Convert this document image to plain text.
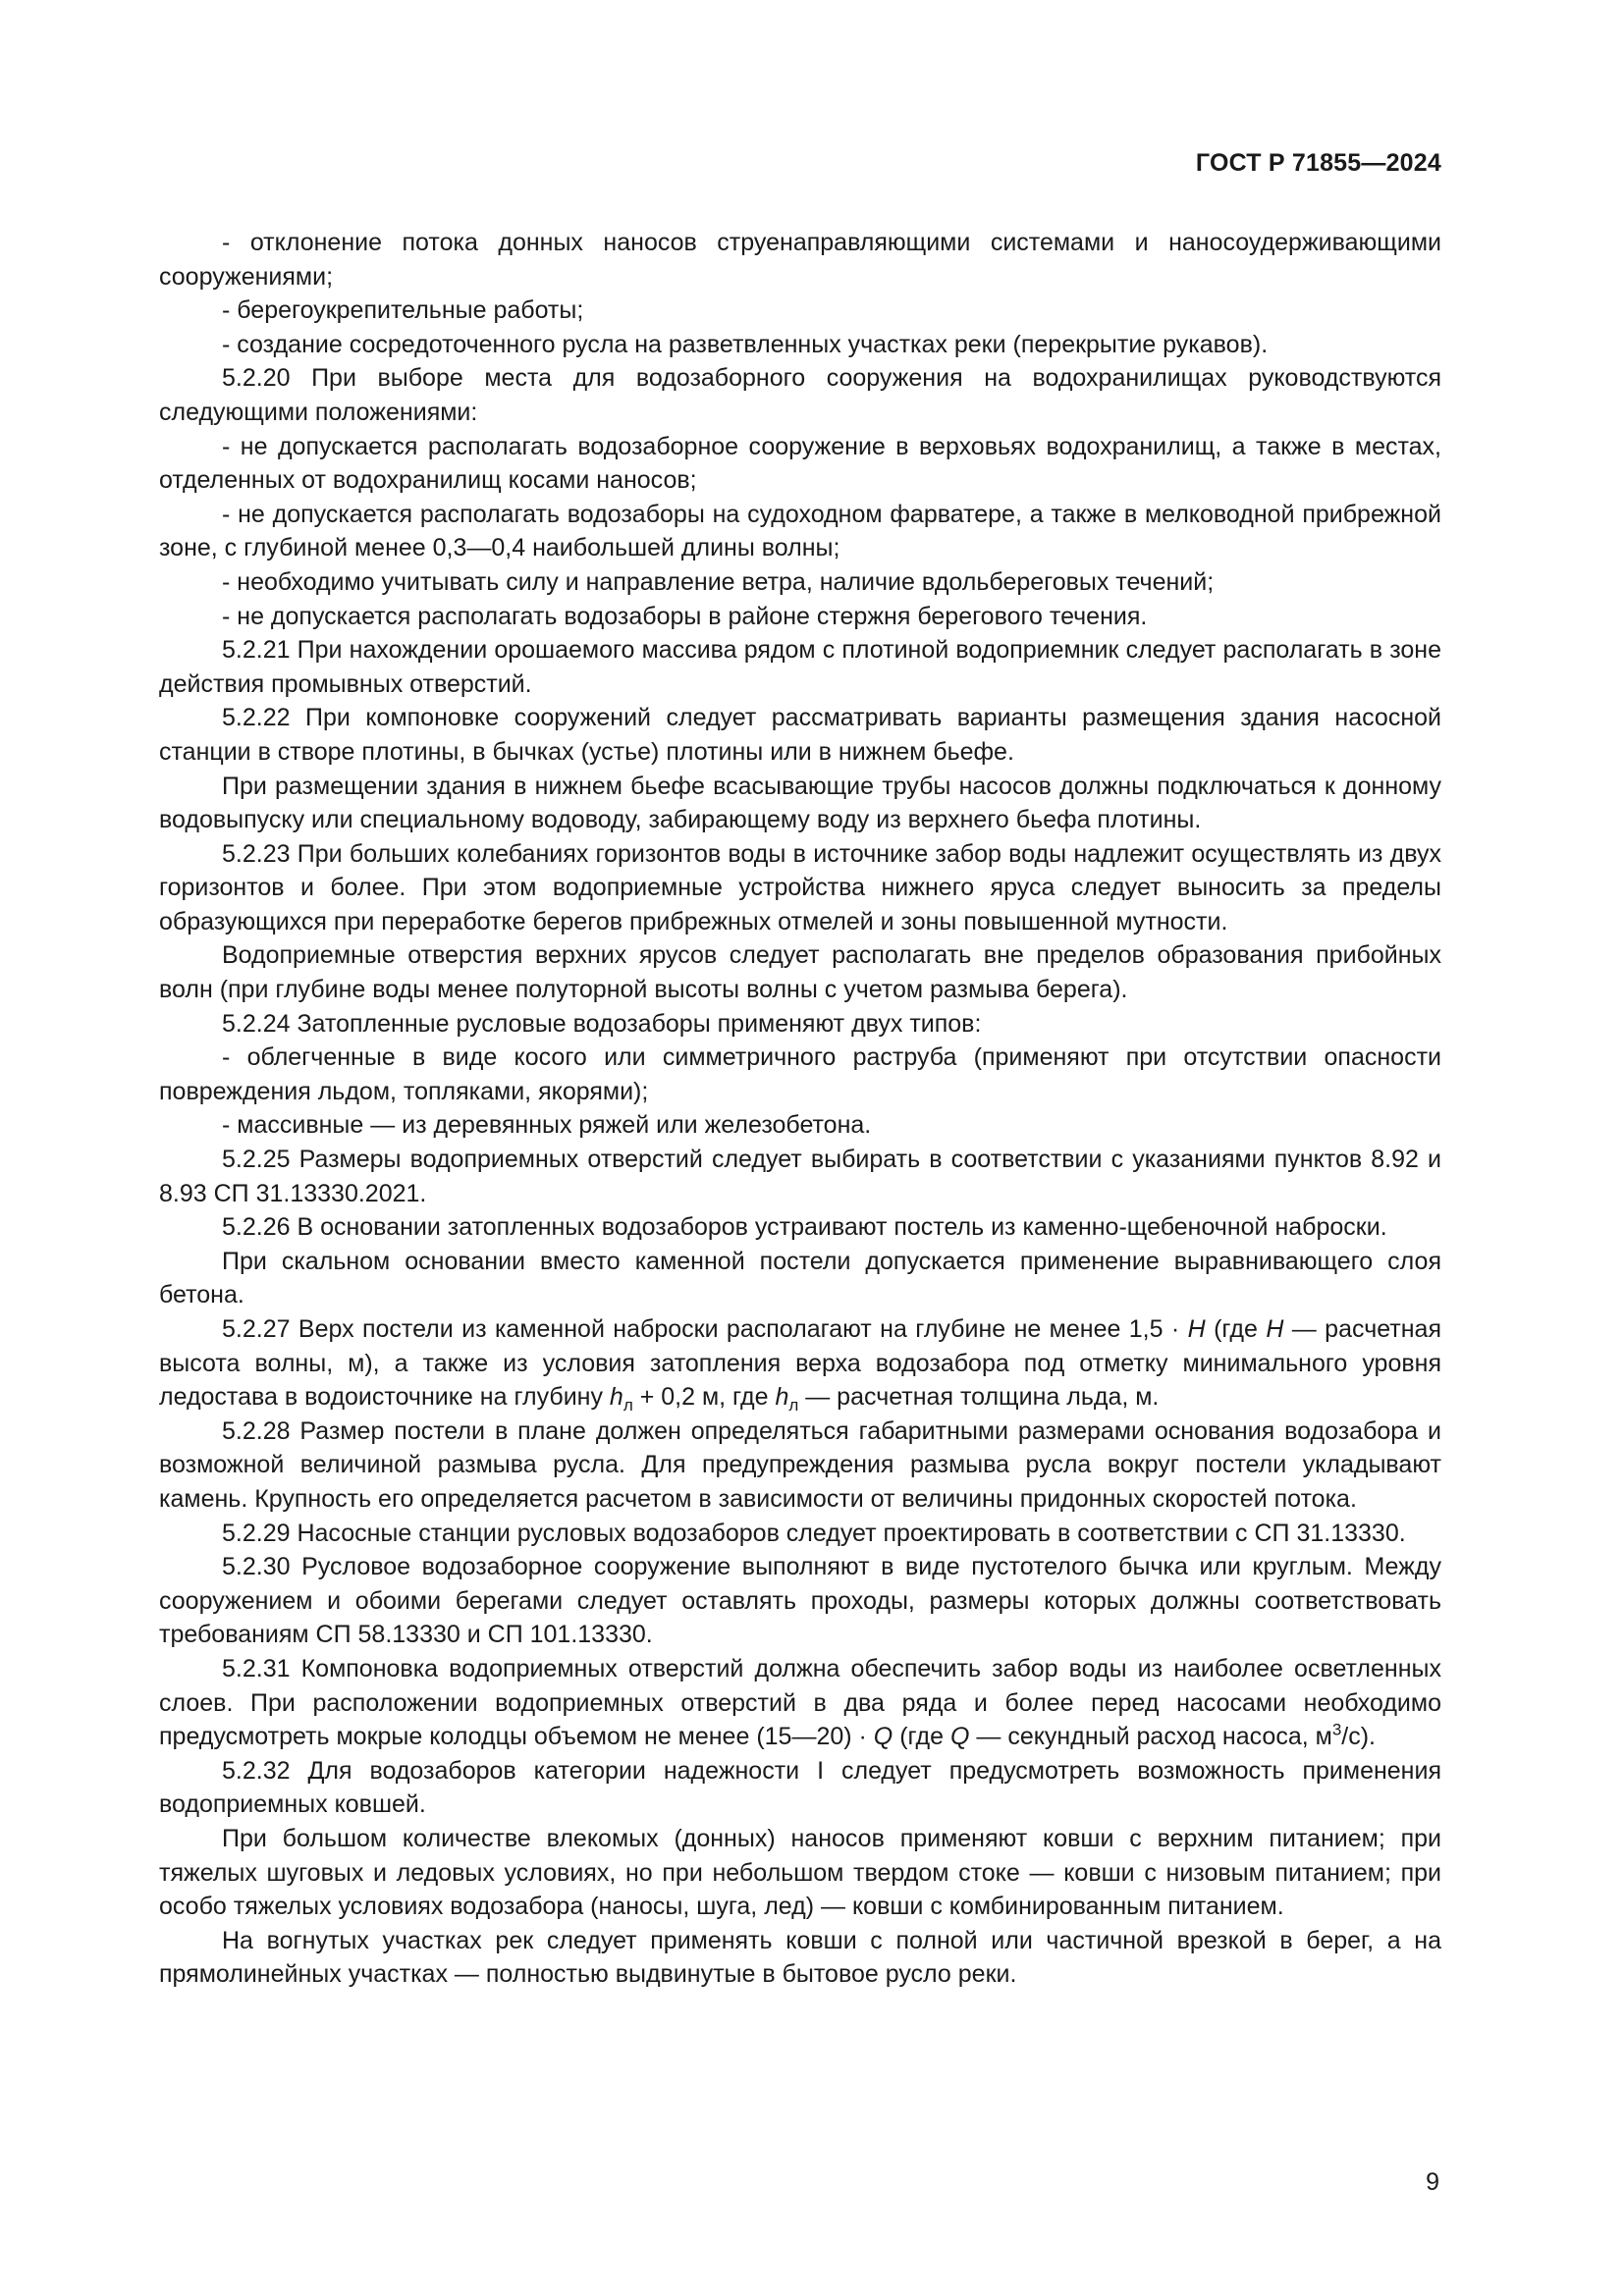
ГОСТ Р 71855—2024

- отклонение потока донных наносов струенаправляющими системами и наносоудерживающими сооружениями;

- берегоукрепительные работы;

- создание сосредоточенного русла на разветвленных участках реки (перекрытие рукавов).

5.2.20 При выборе места для водозаборного сооружения на водохранилищах руководствуются следующими положениями:

- не допускается располагать водозаборное сооружение в верховьях водохранилищ, а также в местах, отделенных от водохранилищ косами наносов;

- не допускается располагать водозаборы на судоходном фарватере, а также в мелководной прибрежной зоне, с глубиной менее 0,3—0,4 наибольшей длины волны;

- необходимо учитывать силу и направление ветра, наличие вдольбереговых течений;

- не допускается располагать водозаборы в районе стержня берегового течения.

5.2.21 При нахождении орошаемого массива рядом с плотиной водоприемник следует располагать в зоне действия промывных отверстий.

5.2.22 При компоновке сооружений следует рассматривать варианты размещения здания насосной станции в створе плотины, в бычках (устье) плотины или в нижнем бьефе.

При размещении здания в нижнем бьефе всасывающие трубы насосов должны подключаться к донному водовыпуску или специальному водоводу, забирающему воду из верхнего бьефа плотины.

5.2.23 При больших колебаниях горизонтов воды в источнике забор воды надлежит осуществлять из двух горизонтов и более. При этом водоприемные устройства нижнего яруса следует выносить за пределы образующихся при переработке берегов прибрежных отмелей и зоны повышенной мутности.

Водоприемные отверстия верхних ярусов следует располагать вне пределов образования прибойных волн (при глубине воды менее полуторной высоты волны с учетом размыва берега).

5.2.24 Затопленные русловые водозаборы применяют двух типов:

- облегченные в виде косого или симметричного раструба (применяют при отсутствии опасности повреждения льдом, топляками, якорями);

- массивные — из деревянных ряжей или железобетона.

5.2.25 Размеры водоприемных отверстий следует выбирать в соответствии с указаниями пунктов 8.92 и 8.93 СП 31.13330.2021.

5.2.26 В основании затопленных водозаборов устраивают постель из каменно-щебеночной наброски.

При скальном основании вместо каменной постели допускается применение выравнивающего слоя бетона.

5.2.27 Верх постели из каменной наброски располагают на глубине не менее 1,5 · H (где H — расчетная высота волны, м), а также из условия затопления верха водозабора под отметку минимального уровня ледостава в водоисточнике на глубину $h_л + 0,2$ м, где $h_л$ — расчетная толщина льда, м.

5.2.28 Размер постели в плане должен определяться габаритными размерами основания водозабора и возможной величиной размыва русла. Для предупреждения размыва русла вокруг постели укладывают камень. Крупность его определяется расчетом в зависимости от величины придонных скоростей потока.

5.2.29 Насосные станции русловых водозаборов следует проектировать в соответствии с СП 31.13330.

5.2.30 Русловое водозаборное сооружение выполняют в виде пустотелого бычка или круглым. Между сооружением и обоими берегами следует оставлять проходы, размеры которых должны соответствовать требованиям СП 58.13330 и СП 101.13330.

5.2.31 Компоновка водоприемных отверстий должна обеспечить забор воды из наиболее осветленных слоев. При расположении водоприемных отверстий в два ряда и более перед насосами необходимо предусмотреть мокрые колодцы объемом не менее (15—20) · Q (где Q — секундный расход насоса, $м^3/с$).

5.2.32 Для водозаборов категории надежности I следует предусмотреть возможность применения водоприемных ковшей.

При большом количестве влекомых (донных) наносов применяют ковши с верхним питанием; при тяжелых шуговых и ледовых условиях, но при небольшом твердом стоке — ковши с низовым питанием; при особо тяжелых условиях водозабора (наносы, шуга, лед) — ковши с комбинированным питанием.

На вогнутых участках рек следует применять ковши с полной или частичной врезкой в берег, а на прямолинейных участках — полностью выдвинутые в бытовое русло реки.

9
